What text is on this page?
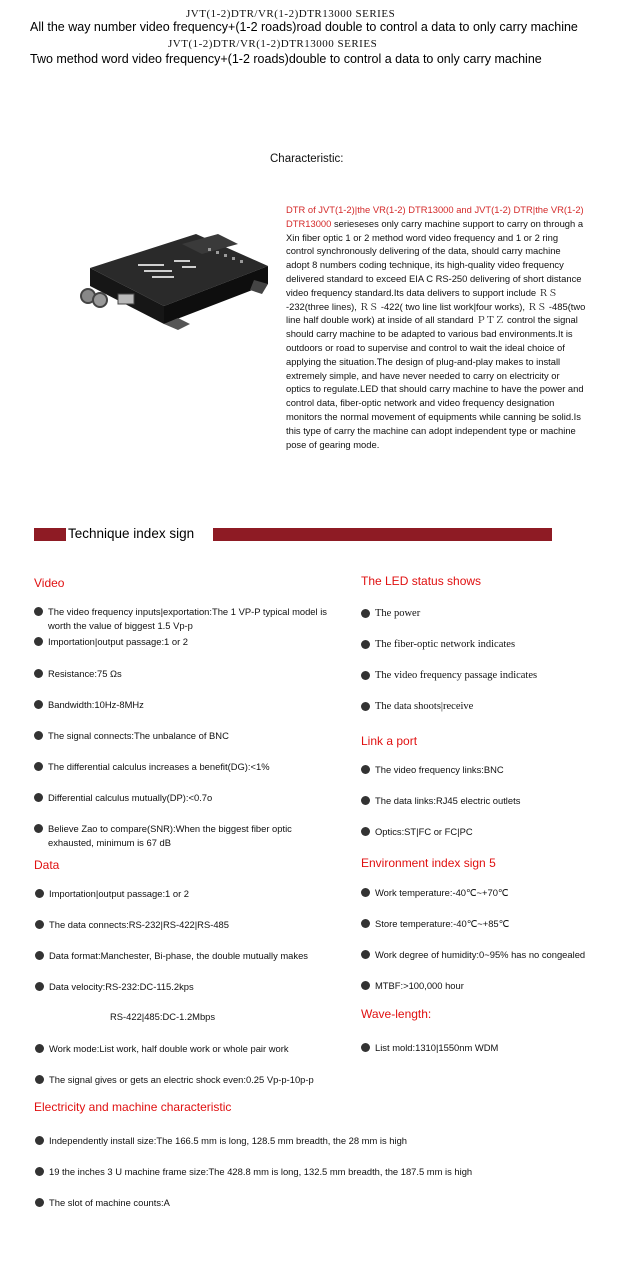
JVT(1-2)DTR/VR(1-2)DTR13000 SERIES
All the way number video frequency+(1-2 roads)road double to control a data to only carry machine
JVT(1-2)DTR/VR(1-2)DTR13000 SERIES
Two method word video frequency+(1-2 roads)double to control a data to only carry machine
Characteristic:
DTR of JVT(1-2)|the VR(1-2) DTR13000 and JVT(1-2) DTR|the VR(1-2) DTR13000 serieseses only carry machine support to carry on through a Xin fiber optic 1 or 2 method word video frequency and 1 or 2 ring control synchronously delivering of the data, should carry machine adopt 8 numbers coding technique, its high-quality video frequency delivered standard to exceed EIA C RS-250 delivering of short distance video frequency standard.Its data delivers to support include ＲＳ -232(three lines), ＲＳ -422( two line list work|four works), ＲＳ -485(two line half double work) at inside of all standard ＰＴＺ control the signal should carry machine to be adapted to various bad environments.It is outdoors or road to supervise and control to wait the ideal choice of applying the situation.The design of plug-and-play makes to install extremely simple, and have never needed to carry on electricity or optics to regulate.LED that should carry machine to have the power and control data, fiber-optic network and video frequency designation monitors the normal movement of equipments while canning be solid.Is this type of carry the machine can adopt independent type or machine pose of gearing mode.
Technique index sign
Video
The video frequency inputs|exportation:The 1 VP-P typical model is worth the value of biggest 1.5 Vp-p
Importation|output passage:1 or 2
Resistance:75 Ωs
Bandwidth:10Hz-8MHz
The signal connects:The unbalance of BNC
The differential calculus increases a benefit(DG):<1%
Differential calculus mutually(DP):<0.7o
Believe Zao to compare(SNR):When the biggest fiber optic exhausted, minimum is 67 dB
Data
Importation|output passage:1 or 2
The data connects:RS-232|RS-422|RS-485
Data format:Manchester, Bi-phase, the double mutually makes
Data velocity:RS-232:DC-115.2kps
RS-422|485:DC-1.2Mbps
Work mode:List work, half double work or whole pair work
The signal gives or gets an electric shock even:0.25 Vp-p-10p-p
Electricity and machine characteristic
Independently install size:The 166.5 mm is long, 128.5 mm breadth, the 28 mm is high
19 the inches 3 U machine frame size:The 428.8 mm is long, 132.5 mm breadth, the 187.5 mm is high
The slot of machine counts:A
The LED status shows
The power
The fiber-optic network indicates
The video frequency passage indicates
The data shoots|receive
Link a port
The video frequency links:BNC
The data links:RJ45 electric outlets
Optics:ST|FC or FC|PC
Environment index sign 5
Work temperature:-40℃~+70℃
Store temperature:-40℃~+85℃
Work degree of humidity:0~95% has no congealed
MTBF:>100,000 hour
Wave-length:
List mold:1310|1550nm WDM
